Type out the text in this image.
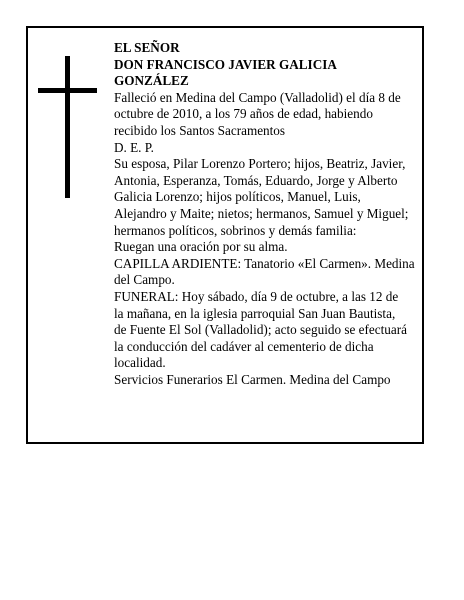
EL SEÑOR
DON FRANCISCO JAVIER GALICIA
GONZÁLEZ
Falleció en Medina del Campo (Valladolid) el día 8 de
octubre de 2010, a los 79 años de edad, habiendo
recibido los Santos Sacramentos
D. E. P.
Su esposa, Pilar Lorenzo Portero; hijos, Beatriz, Javier,
Antonia, Esperanza, Tomás, Eduardo, Jorge y Alberto
Galicia Lorenzo; hijos políticos, Manuel, Luis,
Alejandro y Maite; nietos; hermanos, Samuel y Miguel;
hermanos políticos, sobrinos y demás familia:
Ruegan una oración por su alma.
CAPILLA ARDIENTE: Tanatorio «El Carmen». Medina
del Campo.
FUNERAL: Hoy sábado, día 9 de octubre, a las 12 de
la mañana, en la iglesia parroquial San Juan Bautista,
de Fuente El Sol (Valladolid); acto seguido se efectuará
la conducción del cadáver al cementerio de dicha
localidad.
Servicios Funerarios El Carmen. Medina del Campo
